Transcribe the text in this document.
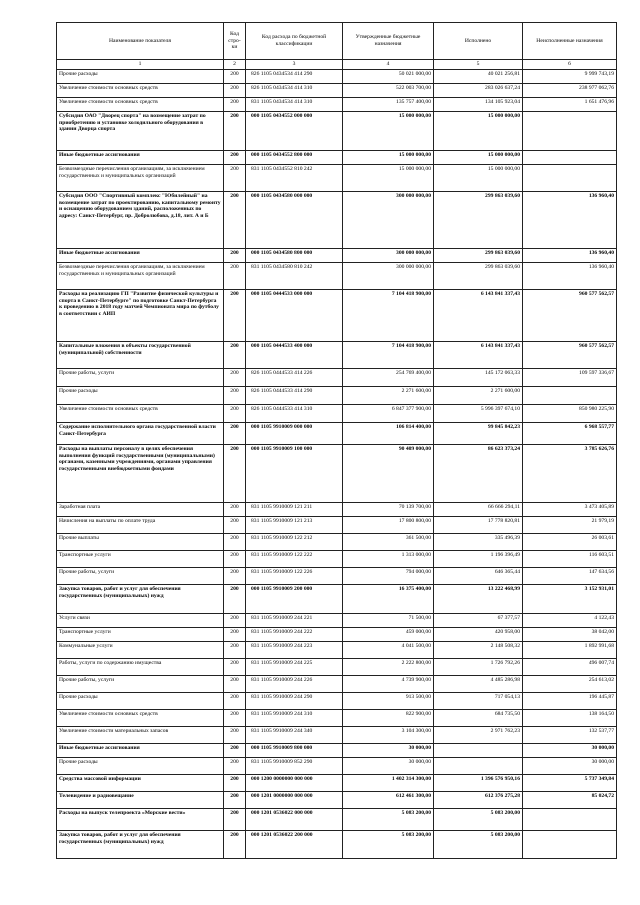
Наименование показателя	Код стро-ки	Код расхода по бюджетной классификации	Утвержденные бюджетные назначения	Исполнено	Неисполненные назначения
1	2	3	4	5	6
Прочие расходы	200	826 1105 0434534 414 290	50 021 000,00	40 021 256,81	9 999 743,19
Увеличение стоимости основных средств	200	826 1105 0434534 414 310	522 003 700,00	283 026 637,24	238 977 062,76
Увеличение стоимости основных средств	200	831 1105 0434534 414 310	135 757 400,00	134 105 923,04	1 651 476,96
Субсидия ОАО "Дворец спорта" на возмещение затрат по приобретению и установке холодильного оборудования в здании Дворца спорта	200	000 1105 0434552 000 000	15 000 000,00	15 000 000,00	
Иные бюджетные ассигнования	200	000 1105 0434552 800 000	15 000 000,00	15 000 000,00	
Безвозмездные перечисления организациям, за исключением государственных и муниципальных организаций	200	831 1105 0434552 810 242	15 000 000,00	15 000 000,00	
Субсидия ООО "Спортивный комплекс "Юбилейный" на возмещение затрат по проектированию, капитальному ремонту и оснащению оборудованием зданий, расположенных по адресу: Санкт-Петербург, пр. Добролюбова, д.18, лит. А и Б	200	000 1105 0434580 000 000	300 000 000,00	299 863 039,60	136 960,40
Иные бюджетные ассигнования	200	000 1105 0434580 800 000	300 000 000,00	299 863 039,60	136 960,40
Безвозмездные перечисления организациям, за исключением государственных и муниципальных организаций	200	831 1105 0434580 810 242	300 000 000,00	299 863 039,60	136 960,40
Расходы на реализацию ГП "Развитие физической культуры и спорта в Санкт-Петербурге" по подготовке Санкт-Петербурга к проведению в 2018 году матчей Чемпионата мира по футболу в соответствии с АИП	200	000 1105 0444533 000 000	7 104 418 900,00	6 143 841 337,43	960 577 562,57
Капитальные вложения в объекты государственной (муниципальной) собственности	200	000 1105 0444533 400 000	7 104 418 900,00	6 143 841 337,43	960 577 562,57
Прочие работы, услуги	200	826 1105 0444533 414 226	254 769 400,00	145 172 063,33	109 597 336,67
Прочие расходы	200	826 1105 0444533 414 290	2 271 600,00	2 271 600,00	
Увеличение стоимости основных средств	200	826 1105 0444533 414 310	6 847 377 900,00	5 996 397 674,10	850 980 225,90
Содержание исполнительного органа государственной власти Санкт-Петербурга	200	000 1105 9910009 000 000	106 814 400,00	99 845 842,23	6 968 557,77
Расходы на выплаты персоналу в целях обеспечения выполнения функций государственными (муниципальными) органами, казенными учреждениями, органами управления государственными внебюджетными фондами	200	000 1105 9910009 100 000	90 409 000,00	86 623 373,24	3 785 626,76
Заработная плата	200	831 1105 9910009 121 211	70 139 700,00	66 666 294,11	3 473 405,89
Начисления на выплаты по оплате труда	200	831 1105 9910009 121 213	17 800 800,00	17 778 820,81	21 979,19
Прочие выплаты	200	831 1105 9910009 122 212	361 500,00	335 496,39	26 003,61
Транспортные услуги	200	831 1105 9910009 122 222	1 313 000,00	1 196 396,49	116 603,51
Прочие работы, услуги	200	831 1105 9910009 122 226	794 000,00	646 365,44	147 634,56
Закупка товаров, работ и услуг для обеспечения государственных (муниципальных) нужд	200	000 1105 9910009 200 000	16 375 400,00	13 222 468,99	3 152 931,01
Услуги связи	200	831 1105 9910009 244 221	71 500,00	67 377,57	4 122,43
Транспортные услуги	200	831 1105 9910009 244 222	459 000,00	420 958,00	38 042,00
Коммунальные услуги	200	831 1105 9910009 244 223	4 041 500,00	2 148 508,32	1 892 991,68
Работы, услуги по содержанию имущества	200	831 1105 9910009 244 225	2 222 800,00	1 726 792,26	496 007,74
Прочие работы, услуги	200	831 1105 9910009 244 226	4 739 900,00	4 485 286,98	254 613,02
Прочие расходы	200	831 1105 9910009 244 290	913 500,00	717 054,13	196 445,87
Увеличение стоимости основных средств	200	831 1105 9910009 244 310	822 900,00	684 735,50	138 164,50
Увеличение стоимости материальных запасов	200	831 1105 9910009 244 340	3 104 300,00	2 971 762,23	132 537,77
Иные бюджетные ассигнования	200	000 1105 9910009 800 000	30 000,00		30 000,00
Прочие расходы	200	831 1105 9910009 852 290	30 000,00		30 000,00
Средства массовой информации	200	000 1200 0000000 000 000	1 402 314 300,00	1 396 576 950,16	5 737 349,84
Телевидение и радиовещание	200	000 1201 0000000 000 000	612 461 300,00	612 376 275,28	85 024,72
Расходы на выпуск телепроекта «Морские вести»	200	000 1201 0536022 000 000	5 083 200,00	5 083 200,00	
Закупка товаров, работ и услуг для обеспечения государственных (муниципальных) нужд	200	000 1201 0536022 200 000	5 083 200,00	5 083 200,00	
